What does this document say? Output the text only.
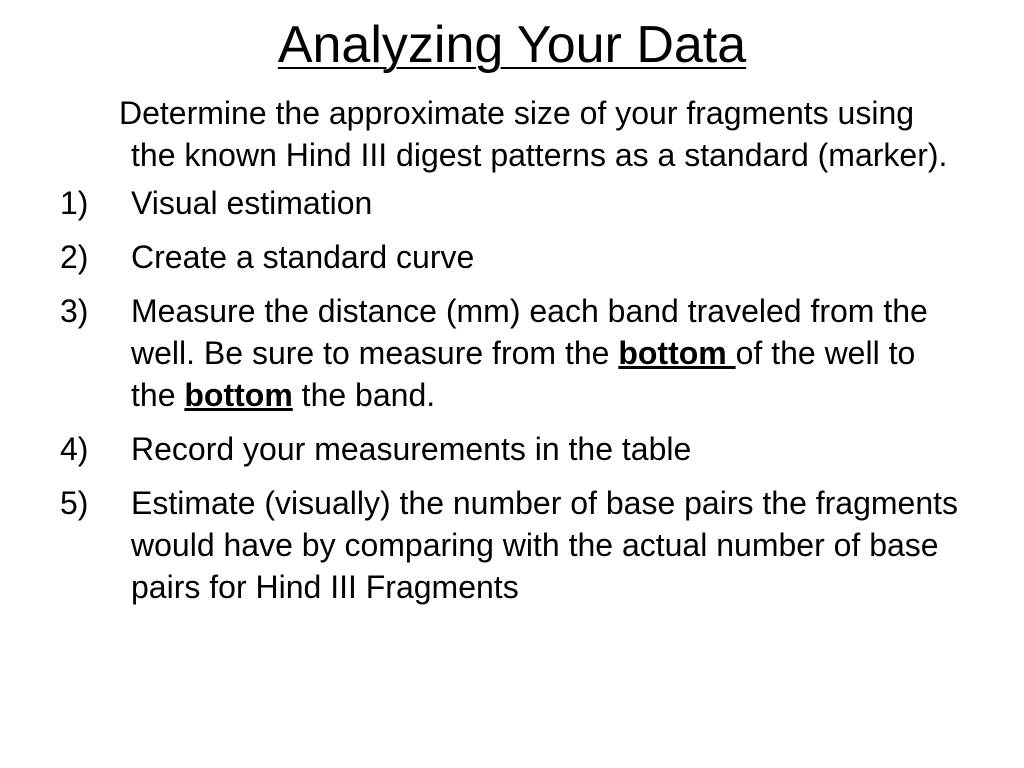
Analyzing Your Data

Determine the approximate size of your fragments using the known Hind III digest patterns as a standard (marker).

1) Visual estimation
2) Create a standard curve
3) Measure the distance (mm) each band traveled from the well. Be sure to measure from the bottom of the well to the bottom the band.
4) Record your measurements in the table
5) Estimate (visually) the number of base pairs the fragments would have by comparing with the actual number of base pairs for Hind III Fragments
